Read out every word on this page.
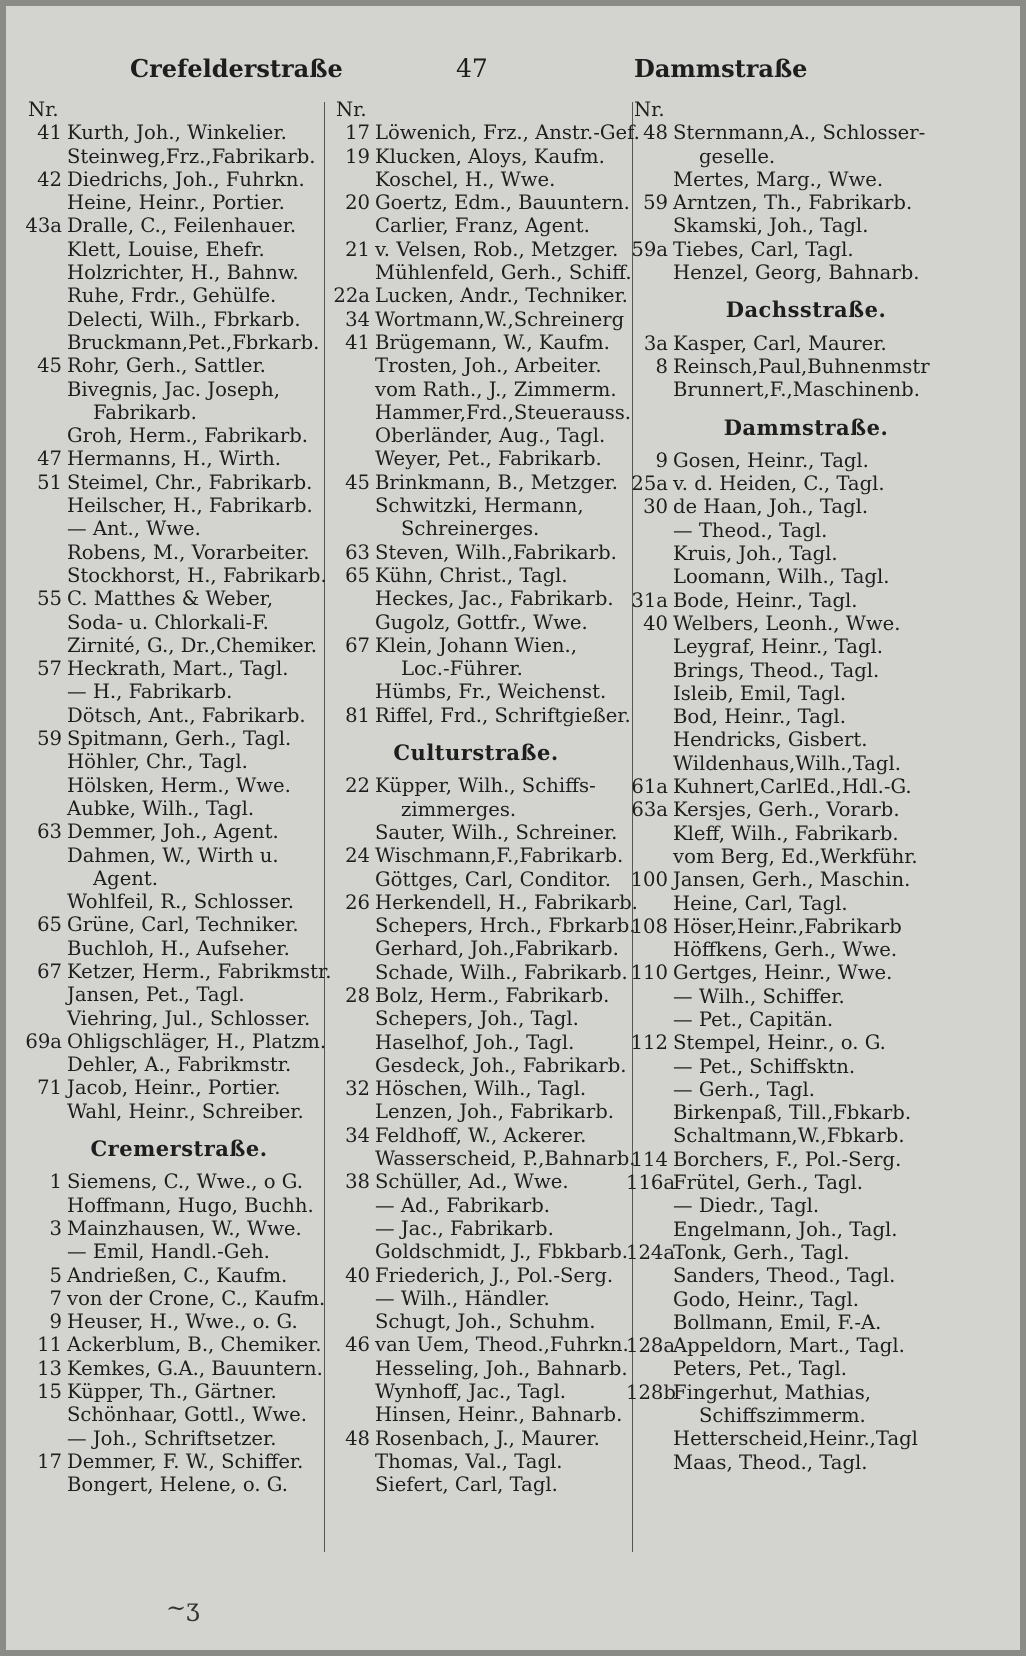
Crefelderstraße	47	Dammstraße
Nr.
41 Kurth, Joh., Winkelier.
Steinweg,Frz.,Fabrikarb.
42 Diedrichs, Joh., Fuhrkn.
Heine, Heinr., Portier.
43a Dralle, C., Feilenhauer.
Klett, Louise, Ehefr.
Holzrichter, H., Bahnw.
Ruhe, Frdr., Gehülfe.
Delecti, Wilh., Fbrkarb.
Bruckmann,Pet.,Fbrkarb.
45 Rohr, Gerh., Sattler.
Bivegnis, Jac. Joseph,
Fabrikarb.
Groh, Herm., Fabrikarb.
47 Hermanns, H., Wirth.
51 Steimel, Chr., Fabrikarb.
Heilscher, H., Fabrikarb.
— Ant., Wwe.
Robens, M., Vorarbeiter.
Stockhorst, H., Fabrikarb.
55 C. Matthes & Weber,
Soda- u. Chlorkali-F.
Zirnité, G., Dr.,Chemiker.
57 Heckrath, Mart., Tagl.
— H., Fabrikarb.
Dötsch, Ant., Fabrikarb.
59 Spitmann, Gerh., Tagl.
Höhler, Chr., Tagl.
Hölsken, Herm., Wwe.
Aubke, Wilh., Tagl.
63 Demmer, Joh., Agent.
Dahmen, W., Wirth u.
Agent.
Wohlfeil, R., Schlosser.
65 Grüne, Carl, Techniker.
Buchloh, H., Aufseher.
67 Ketzer, Herm., Fabrikmstr.
Jansen, Pet., Tagl.
Viehring, Jul., Schlosser.
69a Ohligschläger, H., Platzm.
Dehler, A., Fabrikmstr.
71 Jacob, Heinr., Portier.
Wahl, Heinr., Schreiber.
Cremerstraße.
1 Siemens, C., Wwe., o G.
Hoffmann, Hugo, Buchh.
3 Mainzhausen, W., Wwe.
— Emil, Handl.-Geh.
5 Andrießen, C., Kaufm.
7 von der Crone, C., Kaufm.
9 Heuser, H., Wwe., o. G.
11 Ackerblum, B., Chemiker.
13 Kemkes, G.A., Bauuntern.
15 Küpper, Th., Gärtner.
Schönhaar, Gottl., Wwe.
— Joh., Schriftsetzer.
17 Demmer, F. W., Schiffer.
Bongert, Helene, o. G.
Nr.
17 Löwenich, Frz., Anstr.-Gef.
19 Klucken, Aloys, Kaufm.
Koschel, H., Wwe.
20 Goertz, Edm., Bauuntern.
Carlier, Franz, Agent.
21 v. Velsen, Rob., Metzger.
Mühlenfeld, Gerh., Schiff.
22a Lucken, Andr., Techniker.
34 Wortmann,W.,Schreinerg
41 Brügemann, W., Kaufm.
Trosten, Joh., Arbeiter.
vom Rath., J., Zimmerm.
Hammer,Frd.,Steuerauss.
Oberländer, Aug., Tagl.
Weyer, Pet., Fabrikarb.
45 Brinkmann, B., Metzger.
Schwitzki, Hermann,
Schreinerges.
63 Steven, Wilh.,Fabrikarb.
65 Kühn, Christ., Tagl.
Heckes, Jac., Fabrikarb.
Gugolz, Gottfr., Wwe.
67 Klein, Johann Wien.,
Loc.-Führer.
Hümbs, Fr., Weichenst.
81 Riffel, Frd., Schriftgießer.
Culturstraße.
22 Küpper, Wilh., Schiffs-
zimmerges.
Sauter, Wilh., Schreiner.
24 Wischmann,F.,Fabrikarb.
Göttges, Carl, Conditor.
26 Herkendell, H., Fabrikarb.
Schepers, Hrch., Fbrkarb.
Gerhard, Joh.,Fabrikarb.
Schade, Wilh., Fabrikarb.
28 Bolz, Herm., Fabrikarb.
Schepers, Joh., Tagl.
Haselhof, Joh., Tagl.
Gesdeck, Joh., Fabrikarb.
32 Höschen, Wilh., Tagl.
Lenzen, Joh., Fabrikarb.
34 Feldhoff, W., Ackerer.
Wasserscheid, P.,Bahnarb.
38 Schüller, Ad., Wwe.
— Ad., Fabrikarb.
— Jac., Fabrikarb.
Goldschmidt, J., Fbkbarb.
40 Friederich, J., Pol.-Serg.
— Wilh., Händler.
Schugt, Joh., Schuhm.
46 van Uem, Theod.,Fuhrkn.
Hesseling, Joh., Bahnarb.
Wynhoff, Jac., Tagl.
Hinsen, Heinr., Bahnarb.
48 Rosenbach, J., Maurer.
Thomas, Val., Tagl.
Siefert, Carl, Tagl.
Nr.
48 Sternmann,A., Schlosser-
geselle.
Mertes, Marg., Wwe.
59 Arntzen, Th., Fabrikarb.
Skamski, Joh., Tagl.
59a Tiebes, Carl, Tagl.
Henzel, Georg, Bahnarb.
Dachsstraße.
3a Kasper, Carl, Maurer.
8 Reinsch,Paul,Buhnenmstr
Brunnert,F.,Maschinenb.
Dammstraße.
9 Gosen, Heinr., Tagl.
25a v. d. Heiden, C., Tagl.
30 de Haan, Joh., Tagl.
— Theod., Tagl.
Kruis, Joh., Tagl.
Loomann, Wilh., Tagl.
31a Bode, Heinr., Tagl.
40 Welbers, Leonh., Wwe.
Leygraf, Heinr., Tagl.
Brings, Theod., Tagl.
Isleib, Emil, Tagl.
Bod, Heinr., Tagl.
Hendricks, Gisbert.
Wildenhaus,Wilh.,Tagl.
61a Kuhnert,CarlEd.,Hdl.-G.
63a Kersjes, Gerh., Vorarb.
Kleff, Wilh., Fabrikarb.
vom Berg, Ed.,Werkführ.
100 Jansen, Gerh., Maschin.
Heine, Carl, Tagl.
108 Höser,Heinr.,Fabrikarb
Höffkens, Gerh., Wwe.
110 Gertges, Heinr., Wwe.
— Wilh., Schiffer.
— Pet., Capitän.
112 Stempel, Heinr., o. G.
— Pet., Schiffsktn.
— Gerh., Tagl.
Birkenpaß, Till.,Fbkarb.
Schaltmann,W.,Fbkarb.
114 Borchers, F., Pol.-Serg.
116a
Frütel, Gerh., Tagl.
— Diedr., Tagl.
Engelmann, Joh., Tagl.
124a
Tonk, Gerh., Tagl.
Sanders, Theod., Tagl.
Godo, Heinr., Tagl.
Bollmann, Emil, F.-A.
128a
Appeldorn, Mart., Tagl.
Peters, Pet., Tagl.
128b
Fingerhut, Mathias,
Schiffszimmerm.
Hetterscheid,Heinr.,Tagl
Maas, Theod., Tagl.
~ʒ
